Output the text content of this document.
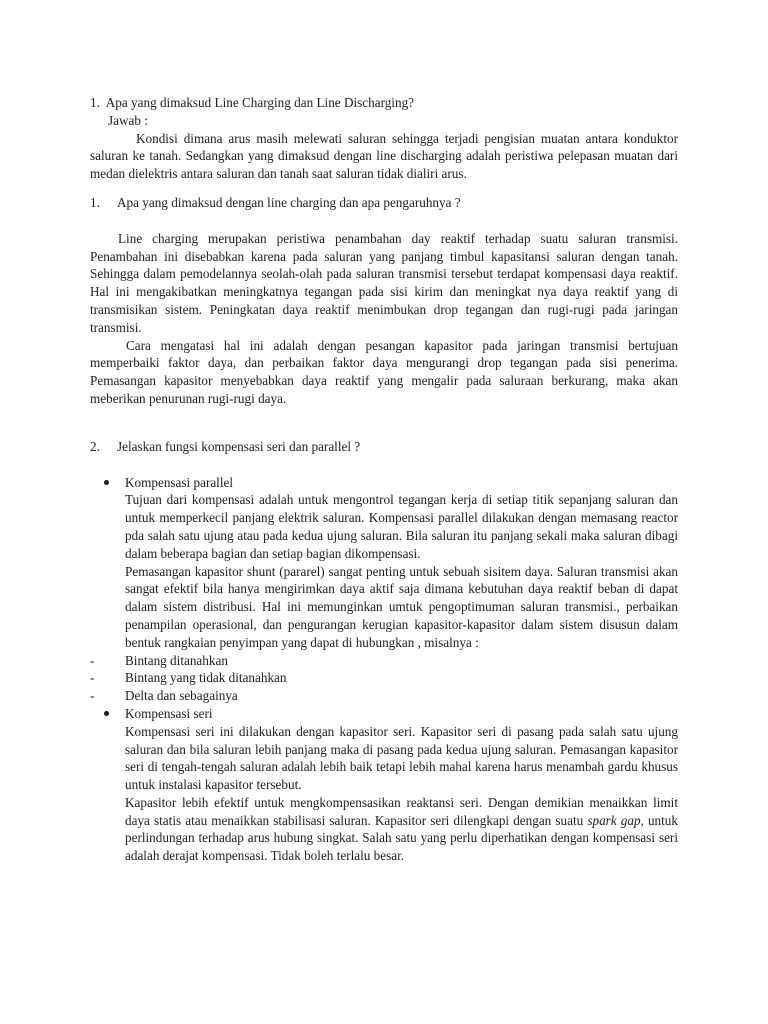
1. Apa yang dimaksud Line Charging dan Line Discharging?

Jawab :

Kondisi dimana arus masih melewati saluran sehingga terjadi pengisian muatan antara konduktor saluran ke tanah. Sedangkan yang dimaksud dengan line discharging adalah peristiwa pelepasan muatan dari medan dielektris antara saluran dan tanah saat saluran tidak dialiri arus.

1. Apa yang dimaksud dengan line charging dan apa pengaruhnya ?

Line charging merupakan peristiwa penambahan day reaktif terhadap suatu saluran transmisi. Penambahan ini disebabkan karena pada saluran yang panjang timbul kapasitansi saluran dengan tanah. Sehingga dalam pemodelannya seolah-olah pada saluran transmisi tersebut terdapat kompensasi daya reaktif. Hal ini mengakibatkan meningkatnya tegangan pada sisi kirim dan meningkat nya daya reaktif yang di transmisikan sistem. Peningkatan daya reaktif menimbukan drop tegangan dan rugi-rugi pada jaringan transmisi.

Cara mengatasi hal ini adalah dengan pesangan kapasitor pada jaringan transmisi bertujuan memperbaiki faktor daya, dan perbaikan faktor daya mengurangi drop tegangan pada sisi penerima. Pemasangan kapasitor menyebabkan daya reaktif yang mengalir pada saluraan berkurang, maka akan meberikan penurunan rugi-rugi daya.

2. Jelaskan fungsi kompensasi seri dan parallel ?

Kompensasi parallel

Tujuan dari kompensasi adalah untuk mengontrol tegangan kerja di setiap titik sepanjang saluran dan untuk memperkecil panjang elektrik saluran. Kompensasi parallel dilakukan dengan memasang reactor pda salah satu ujung atau pada kedua ujung saluran. Bila saluran itu panjang sekali maka saluran dibagi dalam beberapa bagian dan setiap bagian dikompensasi.

Pemasangan kapasitor shunt (pararel) sangat penting untuk sebuah sisitem daya. Saluran transmisi akan sangat efektif bila hanya mengirimkan daya aktif saja dimana kebutuhan daya reaktif beban di dapat dalam sistem distribusi. Hal ini memunginkan umtuk pengoptimuman saluran transmisi., perbaikan penampilan operasional, dan pengurangan kerugian kapasitor-kapasitor dalam sistem disusun dalam bentuk rangkaian penyimpan yang dapat di hubungkan , misalnya :

- Bintang ditanahkan
- Bintang yang tidak ditanahkan
- Delta dan sebagainya
Kompensasi seri

Kompensasi seri ini dilakukan dengan kapasitor seri. Kapasitor seri di pasang pada salah satu ujung saluran dan bila saluran lebih panjang maka di pasang pada kedua ujung saluran. Pemasangan kapasitor seri di tengah-tengah saluran adalah lebih baik tetapi lebih mahal karena harus menambah gardu khusus untuk instalasi kapasitor tersebut.

Kapasitor lebih efektif untuk mengkompensasikan reaktansi seri. Dengan demikian menaikkan limit daya statis atau menaikkan stabilisasi saluran. Kapasitor seri dilengkapi dengan suatu spark gap, untuk perlindungan terhadap arus hubung singkat. Salah satu yang perlu diperhatikan dengan kompensasi seri adalah derajat kompensasi. Tidak boleh terlalu besar.
